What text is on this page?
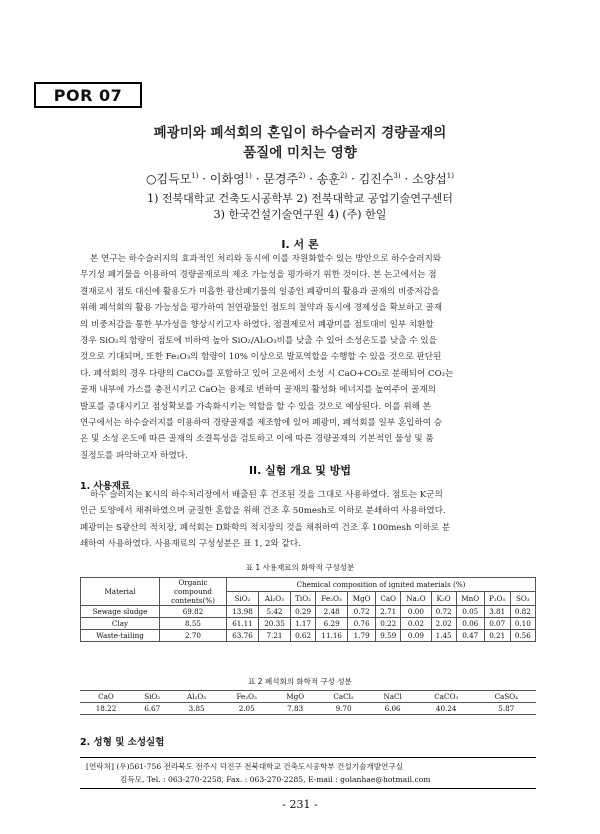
POR 07
폐광미와 폐석회의 혼입이 하수슬러지 경량골재의
품질에 미치는 영향
○김득모$^{1)}$ · 이화영$^{1)}$ · 문경주$^{2)}$ · 송훈$^{2)}$ · 김진수$^{3)}$ · 소양섭$^{1)}$
1) 전북대학교 건축도시공학부 2) 전북대학교 공업기술연구센터
3) 한국건설기술연구원 4) (주) 한일
I. 서 론
본 연구는 하수슬러지의 효과적인 처리와 동시에 이를 자원화할수 있는 방안으로 하수슬러지와
무기성 폐기물을 이용하여 경량골재로의 제조 가능성을 평가하기 위한 것이다. 본 논고에서는 점
결재로서 점토 대신에 활용도가 미흡한 광산폐기물의 일종인 폐광미의 활용과 골재의 비중저감을
위해 폐석회의 활용 가능성을 평가하여 천연광물인 점토의 절약과 동시에 경제성을 확보하고 골재
의 비중저감을 통한 부가성을 향상시키고자 하였다. 점결제로서 폐광미를 점토대비 일부 치환할
경우 SiO₂의 함량이 점토에 비하여 높아 SiO₂/Al₂O₃비를 낮출 수 있어 소성온도를 낮출 수 있을
것으로 기대되며, 또한 Fe₂O₃의 함량이 10% 이상으로 발포역할을 수행할 수 있을 것으로 판단된
다. 폐석회의 경우 다량의 CaCO₃를 포함하고 있어 고온에서 소성 시 CaO+CO₂로 분해되어 CO₂는
골재 내부에 가스를 충전시키고 CaO는 융제로 변하여 골재의 활성화 에너지를 높여주어 골재의
발포를 증대시키고 점성확보를 가속화시키는 역할을 할 수 있을 것으로 예상된다. 이를 위해 본
연구에서는 하수슬러지를 이용하여 경량골재를 제조함에 있어 폐광미, 폐석회를 일부 혼입하여 승
온 및 소성 온도에 따른 골재의 소결특성을 검토하고 이에 따른 경량골재의 기본적인 물성 및 품
질정도를 파악하고자 하였다.
II. 실험 개요 및 방법
1. 사용재료
하수 슬러지는 K시의 하수처리장에서 배출된 후 건조된 것을 그대로 사용하였다. 점토는 K군의
인근 토양에서 채취하였으며 균질한 혼합을 위해 건조 후 50mesh로 이하로 분쇄하여 사용하였다.
폐광미는 S광산의 적치장, 폐석회는 D화학의 적치장의 것을 채취하여 건조 후 100mesh 이하로 분
쇄하여 사용하였다. 사용재료의 구성성분은 표 1, 2와 같다.
표 1 사용재료의 화학적 구성성분
Material	Organic compound contents(%)	Chemical composition of ignited materials (%)										
		SiO₂	Al₂O₃	TiO₂	Fe₂O₃	MgO	CaO	Na₂O	K₂O	MnO	P₂O₅	SO₃
Sewage sludge	69.82	13.98	5.42	0.29	2.48	0.72	2.71	0.00	0.72	0.05	3.81	0.82
Clay	8.55	61.11	20.35	1.17	6.29	0.76	0.22	0.02	2.02	0.06	0.07	0.10
Waste-tailing	2.70	63.76	7.21	0.62	11.16	1.79	9.59	0.09	1.45	0.47	0.21	0.56
표 2 폐석회의 화학적 구성 성분
CaO	SiO₂	Al₂O₃	Fe₂O₃	MgO	CaCl₂	NaCl	CaCO₃	CaSO₄
18.22	6.67	3.85	2.05	7.83	9.70	6.06	40.24	5.87
2. 성형 및 소성실험
[연락처] (우)561-756 전라북도 전주시 덕진구 전북대학교 건축도시공학부 건설기술개발연구실
김득모, Tel. : 063-270-2258, Fax. : 063-270-2285, E-mail : golanhae@hotmail.com
- 231 -
